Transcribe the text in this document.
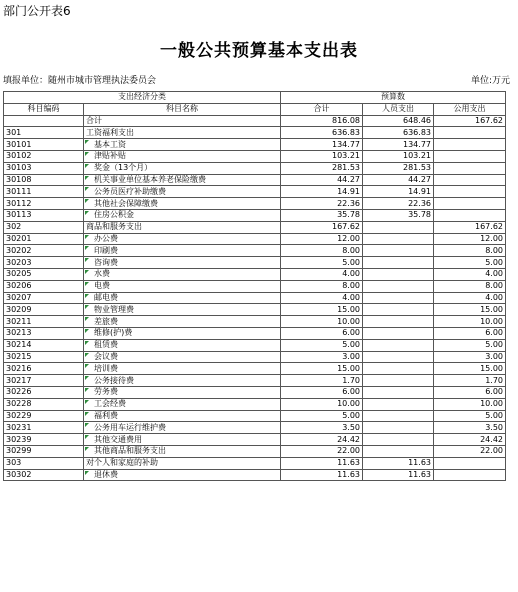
部门公开表6
一般公共预算基本支出表
填报单位：随州市城市管理执法委员会	单位:万元
支出经济分类		预算数		
科目编码	科目名称	合计	人员支出	公用支出
	合计	816.08	648.46	167.62
301	工资福利支出	636.83	636.83	
30101	基本工资	134.77	134.77	
30102	津贴补贴	103.21	103.21	
30103	奖金（13个月）	281.53	281.53	
30108	机关事业单位基本养老保险缴费	44.27	44.27	
30111	公务员医疗补助缴费	14.91	14.91	
30112	其他社会保障缴费	22.36	22.36	
30113	住房公积金	35.78	35.78	
302	商品和服务支出	167.62		167.62
30201	办公费	12.00		12.00
30202	印刷费	8.00		8.00
30203	咨询费	5.00		5.00
30205	水费	4.00		4.00
30206	电费	8.00		8.00
30207	邮电费	4.00		4.00
30209	物业管理费	15.00		15.00
30211	差旅费	10.00		10.00
30213	维修(护)费	6.00		6.00
30214	租赁费	5.00		5.00
30215	会议费	3.00		3.00
30216	培训费	15.00		15.00
30217	公务接待费	1.70		1.70
30226	劳务费	6.00		6.00
30228	工会经费	10.00		10.00
30229	福利费	5.00		5.00
30231	公务用车运行维护费	3.50		3.50
30239	其他交通费用	24.42		24.42
30299	其他商品和服务支出	22.00		22.00
303	对个人和家庭的补助	11.63	11.63	
30302	退休费	11.63	11.63	
